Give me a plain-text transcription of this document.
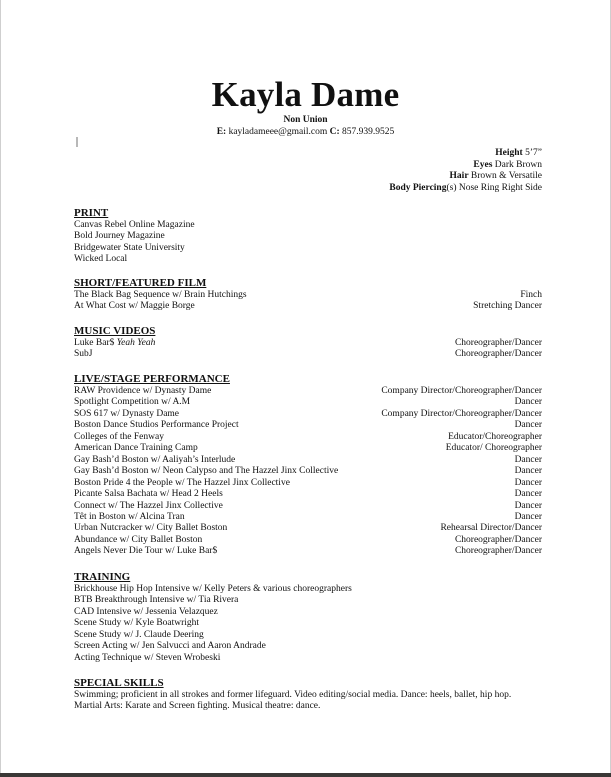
Kayla Dame
Non Union
E: kayladameee@gmail.com C: 857.939.9525
Height 5’7”
Eyes Dark Brown
Hair Brown & Versatile
Body Piercing(s) Nose Ring Right Side
PRINT
Canvas Rebel Online Magazine
Bold Journey Magazine
Bridgewater State University
Wicked Local
SHORT/FEATURED FILM
The Black Bag Sequence w/ Brain Hutchings	Finch
At What Cost w/ Maggie Borge	Stretching Dancer
MUSIC VIDEOS
Luke Bar$ Yeah Yeah	Choreographer/Dancer
SubJ	Choreographer/Dancer
LIVE/STAGE PERFORMANCE
RAW Providence w/ Dynasty Dame	Company Director/Choreographer/Dancer
Spotlight Competition w/ A.M	Dancer
SOS 617 w/ Dynasty Dame	Company Director/Choreographer/Dancer
Boston Dance Studios Performance Project	Dancer
Colleges of the Fenway	Educator/Choreographer
American Dance Training Camp	Educator/ Choreographer
Gay Bash’d Boston w/ Aaliyah’s Interlude	Dancer
Gay Bash’d Boston w/ Neon Calypso and The Hazzel Jinx Collective	Dancer
Boston Pride 4 the People w/ The Hazzel Jinx Collective	Dancer
Picante Salsa Bachata w/ Head 2 Heels	Dancer
Connect w/ The Hazzel Jinx Collective	Dancer
Têt in Boston w/ Alcina Tran	Dancer
Urban Nutcracker w/ City Ballet Boston	Rehearsal Director/Dancer
Abundance w/ City Ballet Boston	Choreographer/Dancer
Angels Never Die Tour w/ Luke Bar$	Choreographer/Dancer
TRAINING
Brickhouse Hip Hop Intensive w/ Kelly Peters & various choreographers
BTB Breakthrough Intensive w/ Tia Rivera
CAD Intensive w/ Jessenia Velazquez
Scene Study w/ Kyle Boatwright
Scene Study w/ J. Claude Deering
Screen Acting w/ Jen Salvucci and Aaron Andrade
Acting Technique w/ Steven Wrobeski
SPECIAL SKILLS
Swimming; proficient in all strokes and former lifeguard. Video editing/social media. Dance: heels, ballet, hip hop.
Martial Arts: Karate and Screen fighting. Musical theatre: dance.
